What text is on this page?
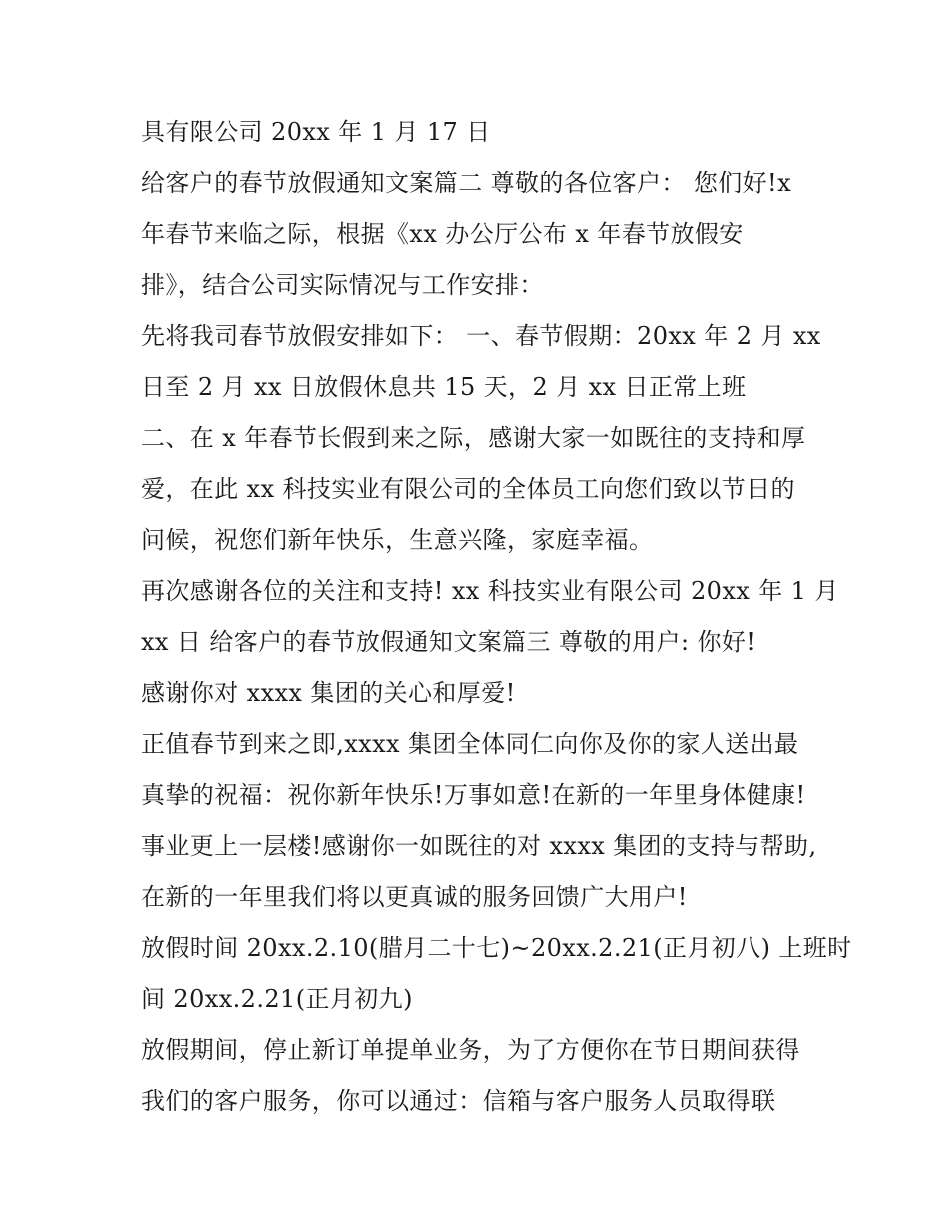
具有限公司 20xx 年 1 月 17 日
给客户的春节放假通知文案篇二 尊敬的各位客户： 您们好!x
年春节来临之际，根据《xx 办公厅公布 x 年春节放假安
排》，结合公司实际情况与工作安排：
先将我司春节放假安排如下： 一、春节假期：20xx 年 2 月 xx
日至 2 月 xx 日放假休息共 15 天，2 月 xx 日正常上班
二、在 x 年春节长假到来之际，感谢大家一如既往的支持和厚
爱，在此 xx 科技实业有限公司的全体员工向您们致以节日的
问候，祝您们新年快乐，生意兴隆，家庭幸福。
再次感谢各位的关注和支持! xx 科技实业有限公司 20xx 年 1 月
xx 日 给客户的春节放假通知文案篇三 尊敬的用户: 你好!
感谢你对 xxxx 集团的关心和厚爱!
正值春节到来之即,xxxx 集团全体同仁向你及你的家人送出最
真挚的祝福：祝你新年快乐!万事如意!在新的一年里身体健康!
事业更上一层楼!感谢你一如既往的对 xxxx 集团的支持与帮助,
在新的一年里我们将以更真诚的服务回馈广大用户!
放假时间 20xx.2.10(腊月二十七)~20xx.2.21(正月初八) 上班时
间 20xx.2.21(正月初九)
放假期间，停止新订单提单业务，为了方便你在节日期间获得
我们的客户服务，你可以通过：信箱与客户服务人员取得联
